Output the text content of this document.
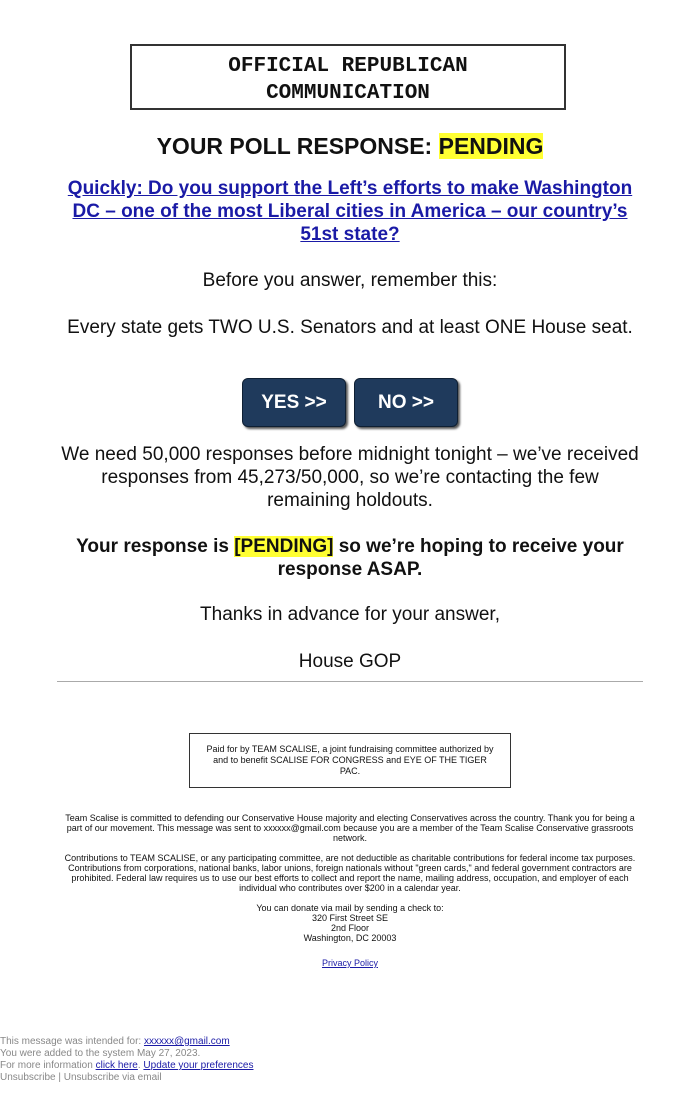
OFFICIAL REPUBLICAN
COMMUNICATION
YOUR POLL RESPONSE: PENDING
Quickly: Do you support the Left’s efforts to make Washington DC – one of the most Liberal cities in America – our country’s 51st state?
Before you answer, remember this:
Every state gets TWO U.S. Senators and at least ONE House seat.
YES >>	NO >>
We need 50,000 responses before midnight tonight – we’ve received responses from 45,273/50,000, so we’re contacting the few remaining holdouts.
Your response is [PENDING] so we’re hoping to receive your response ASAP.
Thanks in advance for your answer,
House GOP
Paid for by TEAM SCALISE, a joint fundraising committee authorized by and to benefit SCALISE FOR CONGRESS and EYE OF THE TIGER PAC.
Team Scalise is committed to defending our Conservative House majority and electing Conservatives across the country. Thank you for being a part of our movement. This message was sent to xxxxxx@gmail.com because you are a member of the Team Scalise Conservative grassroots network.
Contributions to TEAM SCALISE, or any participating committee, are not deductible as charitable contributions for federal income tax purposes. Contributions from corporations, national banks, labor unions, foreign nationals without "green cards," and federal government contractors are prohibited. Federal law requires us to use our best efforts to collect and report the name, mailing address, occupation, and employer of each individual who contributes over $200 in a calendar year.
You can donate via mail by sending a check to:
320 First Street SE
2nd Floor
Washington, DC 20003
Privacy Policy
This message was intended for: xxxxxx@gmail.com
You were added to the system May 27, 2023.
For more information click here. Update your preferences
Unsubscribe | Unsubscribe via email
